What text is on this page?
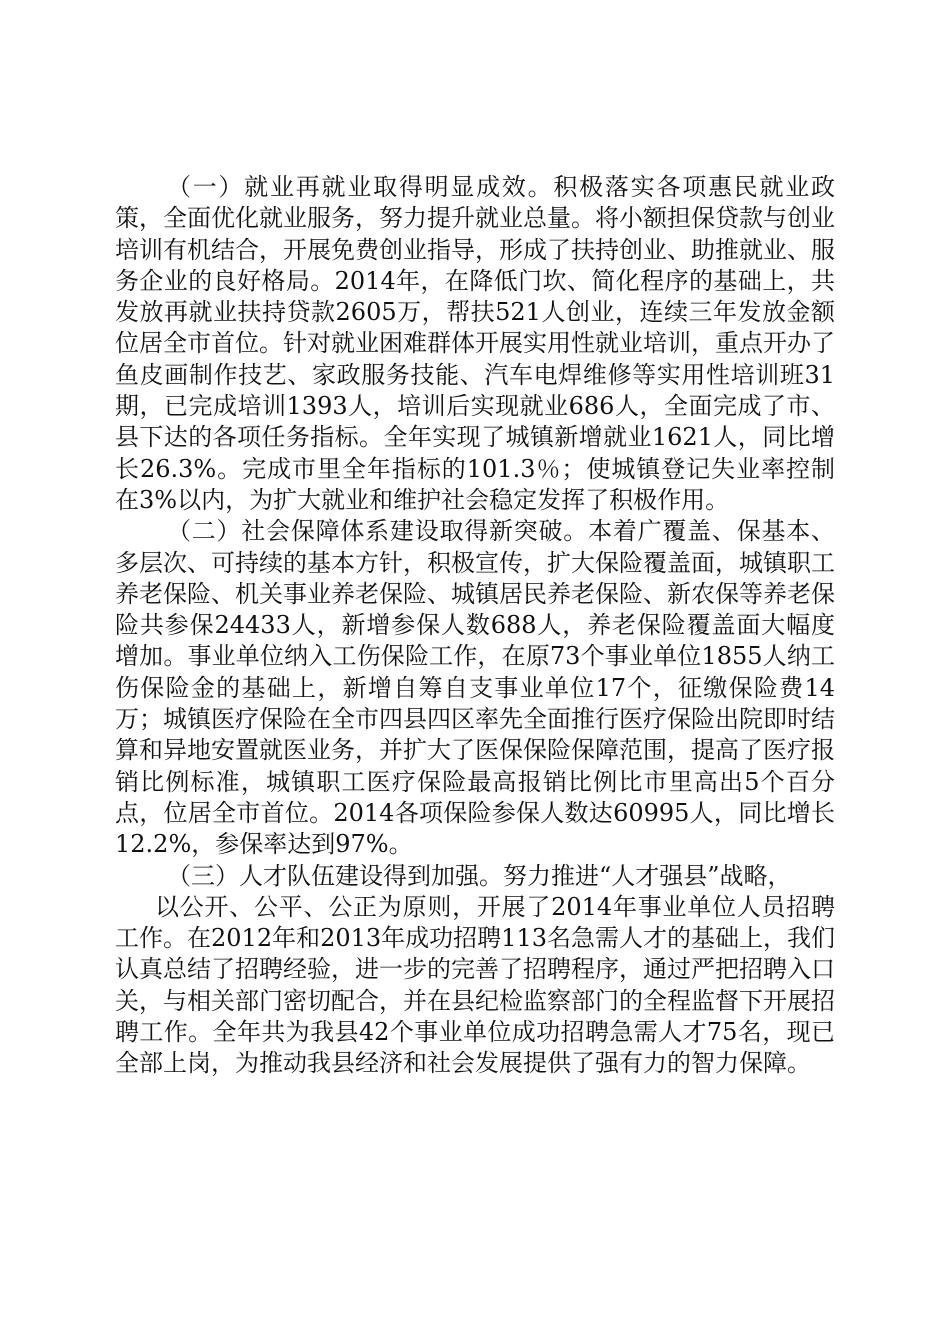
（一）就业再就业取得明显成效。积极落实各项惠民就业政策，全面优化就业服务，努力提升就业总量。将小额担保贷款与创业培训有机结合，开展免费创业指导，形成了扶持创业、助推就业、服务企业的良好格局。2014年，在降低门坎、简化程序的基础上，共发放再就业扶持贷款2605万，帮扶521人创业，连续三年发放金额位居全市首位。针对就业困难群体开展实用性就业培训，重点开办了鱼皮画制作技艺、家政服务技能、汽车电焊维修等实用性培训班31期，已完成培训1393人，培训后实现就业686人，全面完成了市、县下达的各项任务指标。全年实现了城镇新增就业1621人，同比增长26.3%。完成市里全年指标的101.3％；使城镇登记失业率控制在3%以内，为扩大就业和维护社会稳定发挥了积极作用。

（二）社会保障体系建设取得新突破。本着广覆盖、保基本、多层次、可持续的基本方针，积极宣传，扩大保险覆盖面，城镇职工养老保险、机关事业养老保险、城镇居民养老保险、新农保等养老保险共参保24433人，新增参保人数688人，养老保险覆盖面大幅度增加。事业单位纳入工伤保险工作，在原73个事业单位1855人纳工伤保险金的基础上，新增自筹自支事业单位17个，征缴保险费14万；城镇医疗保险在全市四县四区率先全面推行医疗保险出院即时结算和异地安置就医业务，并扩大了医保保险保障范围，提高了医疗报销比例标准，城镇职工医疗保险最高报销比例比市里高出5个百分点，位居全市首位。2014各项保险参保人数达60995人，同比增长12.2%，参保率达到97%。

（三）人才队伍建设得到加强。努力推进“人才强县”战略，

以公开、公平、公正为原则，开展了2014年事业单位人员招聘工作。在2012年和2013年成功招聘113名急需人才的基础上，我们认真总结了招聘经验，进一步的完善了招聘程序，通过严把招聘入口关，与相关部门密切配合，并在县纪检监察部门的全程监督下开展招聘工作。全年共为我县42个事业单位成功招聘急需人才75名，现已全部上岗，为推动我县经济和社会发展提供了强有力的智力保障。
